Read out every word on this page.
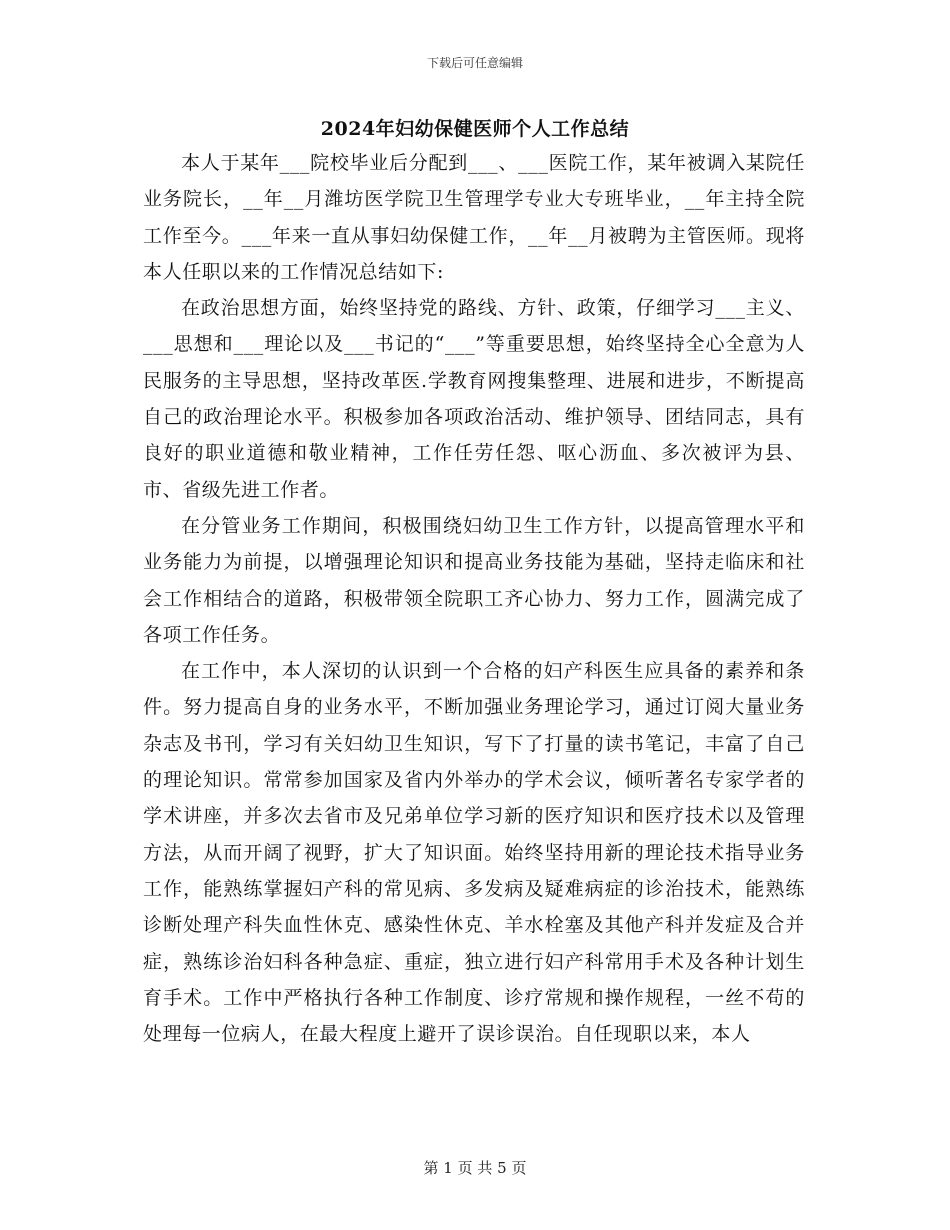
下载后可任意编辑
2024年妇幼保健医师个人工作总结

本人于某年___院校毕业后分配到___、___医院工作，某年被调入某院任业务院长，__年__月潍坊医学院卫生管理学专业大专班毕业，__年主持全院工作至今。___年来一直从事妇幼保健工作，__年__月被聘为主管医师。现将本人任职以来的工作情况总结如下:

在政治思想方面，始终坚持党的路线、方针、政策，仔细学习___主义、___思想和___理论以及___书记的“___”等重要思想，始终坚持全心全意为人民服务的主导思想，坚持改革医.学教育网搜集整理、进展和进步，不断提高自己的政治理论水平。积极参加各项政治活动、维护领导、团结同志，具有良好的职业道德和敬业精神，工作任劳任怨、呕心沥血、多次被评为县、市、省级先进工作者。

在分管业务工作期间，积极围绕妇幼卫生工作方针，以提高管理水平和业务能力为前提，以增强理论知识和提高业务技能为基础，坚持走临床和社会工作相结合的道路，积极带领全院职工齐心协力、努力工作，圆满完成了各项工作任务。

在工作中，本人深切的认识到一个合格的妇产科医生应具备的素养和条件。努力提高自身的业务水平，不断加强业务理论学习，通过订阅大量业务杂志及书刊，学习有关妇幼卫生知识，写下了打量的读书笔记，丰富了自己的理论知识。常常参加国家及省内外举办的学术会议，倾听著名专家学者的学术讲座，并多次去省市及兄弟单位学习新的医疗知识和医疗技术以及管理方法，从而开阔了视野，扩大了知识面。始终坚持用新的理论技术指导业务工作，能熟练掌握妇产科的常见病、多发病及疑难病症的诊治技术，能熟练诊断处理产科失血性休克、感染性休克、羊水栓塞及其他产科并发症及合并症，熟练诊治妇科各种急症、重症，独立进行妇产科常用手术及各种计划生育手术。工作中严格执行各种工作制度、诊疗常规和操作规程，一丝不苟的处理每一位病人，在最大程度上避开了误诊误治。自任现职以来，本人

第 1 页 共 5 页
